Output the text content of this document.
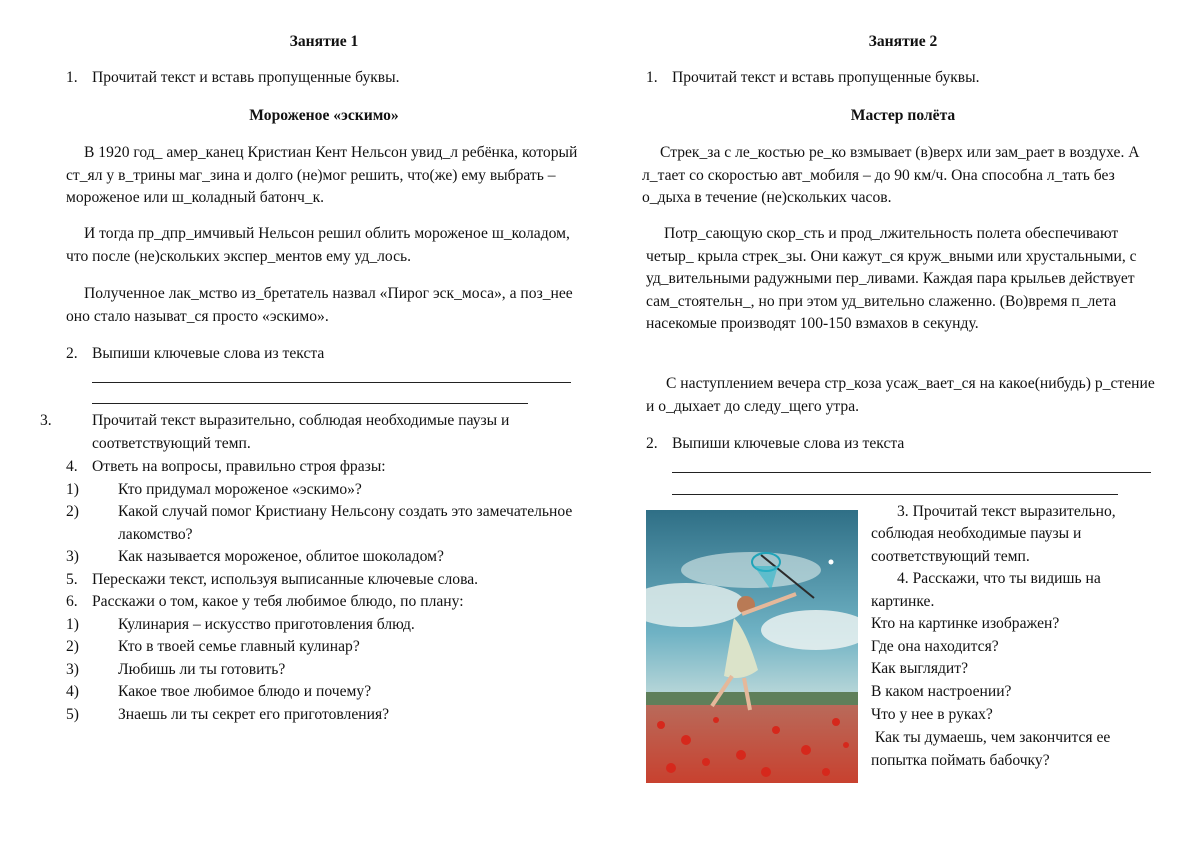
Занятие 1
1. Прочитай текст и вставь пропущенные буквы.
Мороженое «эскимо»
В 1920 год_ амер_канец Кристиан Кент Нельсон увид_л ребёнка, который ст_ял у в_трины маг_зина и долго (не)мог решить, что(же) ему выбрать – мороженое или ш_коладный батонч_к.
И тогда пр_дпр_имчивый Нельсон решил облить мороженое ш_коладом, что после (не)скольких экспер_ментов ему уд_лось.
Полученное лак_мство из_бретатель назвал «Пирог эск_моса», а поз_нее оно стало называт_ся просто «эскимо».
2. Выпиши ключевые слова из текста
3.	Прочитай текст выразительно, соблюдая необходимые паузы и соответствующий темп.
4. Ответь на вопросы, правильно строя фразы:
1)	Кто придумал мороженое «эскимо»?
2)	Какой случай помог Кристиану Нельсону создать это замечательное лакомство?
3)	Как называется мороженое, облитое шоколадом?
5. Перескажи текст, используя выписанные ключевые слова.
6. Расскажи о том, какое у тебя любимое блюдо, по плану:
1)	Кулинария – искусство приготовления блюд.
2)	Кто в твоей семье главный кулинар?
3)	Любишь ли ты готовить?
4)	Какое твое любимое блюдо и почему?
5)	Знаешь ли ты секрет его приготовления?
Занятие 2
1. Прочитай текст и вставь пропущенные буквы.
Мастер полёта
Стрек_за с ле_костью ре_ко взмывает (в)верх или зам_рает в воздухе. А л_тает со скоростью авт_мобиля – до 90 км/ч. Она способна л_тать без о_дыха в течение (не)скольких часов.
Потр_сающую скор_сть и прод_лжительность полета обеспечивают четыр_ крыла стрек_зы. Они кажут_ся круж_вными или хрустальными, с уд_вительными радужными пер_ливами. Каждая пара крыльев действует сам_стоятельн_, но при этом уд_вительно слаженно. (Во)время п_лета насекомые производят 100-150 взмахов в секунду.
С наступлением вечера стр_коза усаж_вает_ся на какое(нибудь) р_стение и о_дыхает до следу_щего утра.
2. Выпиши ключевые слова из текста
3. Прочитай текст выразительно,
соблюдая необходимые паузы и
соответствующий темп.
4. Расскажи, что ты видишь на
картинке.
Кто на картинке изображен?
Где она находится?
Как выглядит?
В каком настроении?
Что у нее в руках?
Как ты думаешь, чем закончится ее попытка поймать бабочку?
